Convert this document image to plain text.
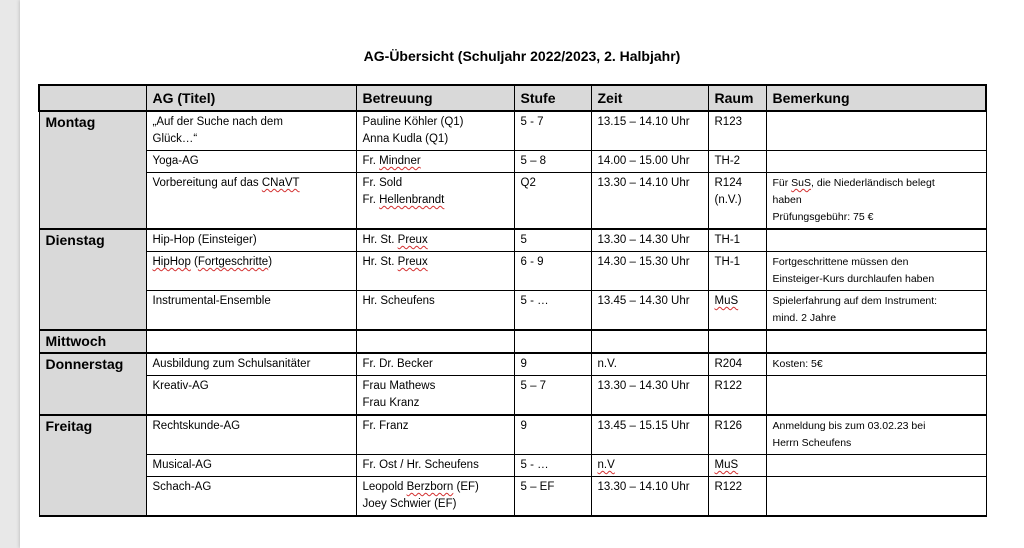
AG-Übersicht (Schuljahr 2022/2023, 2. Halbjahr)
	AG (Titel)	Betreuung	Stufe	Zeit	Raum	Bemerkung
Montag	„Auf der Suche nach dem
Glück…“	Pauline Köhler (Q1)
Anna Kudla (Q1)	5 - 7	13.15 – 14.10 Uhr	R123	
	Yoga-AG	Fr. Mindner	5 – 8	14.00 – 15.00 Uhr	TH-2	
	Vorbereitung auf das CNaVT	Fr. Sold
Fr. Hellenbrandt	Q2	13.30 – 14.10 Uhr	R124
(n.V.)	Für SuS, die Niederländisch belegt
haben
Prüfungsgebühr: 75 €

Dienstag	Hip-Hop (Einsteiger)	Hr. St. Preux	5	13.30 – 14.30 Uhr	TH-1	
	HipHop (Fortgeschritte)	Hr. St. Preux	6 - 9	14.30 – 15.30 Uhr	TH-1	Fortgeschrittene müssen den
Einsteiger-Kurs durchlaufen haben

	Instrumental-Ensemble	Hr. Scheufens	5 - …	13.45 – 14.30 Uhr	MuS	Spielerfahrung auf dem Instrument:
mind. 2 Jahre

Mittwoch						
Donnerstag	Ausbildung zum Schulsanitäter	Fr. Dr. Becker	9	n.V.	R204	Kosten: 5€
	Kreativ-AG	Frau Mathews
Frau Kranz	5 – 7	13.30 – 14.30 Uhr	R122	
Freitag	Rechtskunde-AG	Fr. Franz	9	13.45 – 15.15 Uhr	R126	Anmeldung bis zum 03.02.23 bei
Herrn Scheufens

	Musical-AG	Fr. Ost / Hr. Scheufens	5 - …	n.V	MuS	
	Schach-AG	Leopold Berzborn (EF)
Joey Schwier (EF)	5 – EF	13.30 – 14.10 Uhr	R122	
